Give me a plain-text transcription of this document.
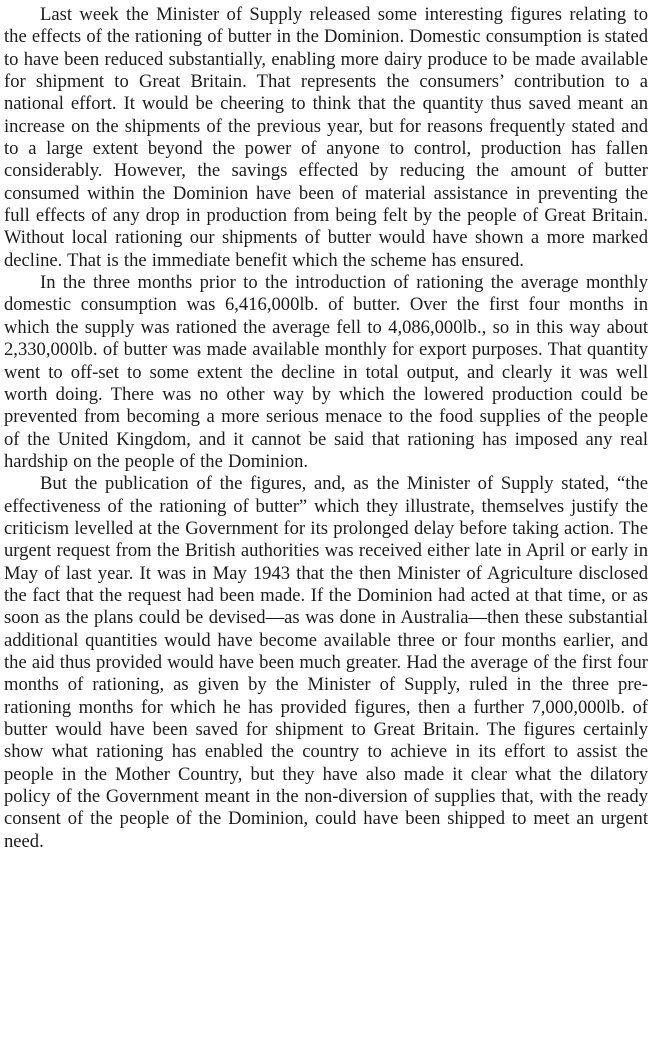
Last week the Minister of Supply released some interesting figures relating to the effects of the rationing of butter in the Dominion. Domestic consumption is stated to have been reduced substantially, enabling more dairy produce to be made available for shipment to Great Britain. That represents the consumers’ contribution to a national effort. It would be cheering to think that the quantity thus saved meant an increase on the shipments of the previous year, but for reasons frequently stated and to a large extent beyond the power of anyone to control, production has fallen considerably. However, the savings effected by reducing the amount of butter consumed within the Dominion have been of material assistance in preventing the full effects of any drop in production from being felt by the people of Great Britain. Without local rationing our shipments of butter would have shown a more marked decline. That is the immediate benefit which the scheme has ensured.

In the three months prior to the introduction of rationing the average monthly domestic consumption was 6,416,000lb. of butter. Over the first four months in which the supply was rationed the average fell to 4,086,000lb., so in this way about 2,330,000lb. of butter was made available monthly for export purposes. That quantity went to off-set to some extent the decline in total output, and clearly it was well worth doing. There was no other way by which the lowered production could be prevented from becoming a more serious menace to the food supplies of the people of the United Kingdom, and it cannot be said that rationing has imposed any real hardship on the people of the Dominion.

But the publication of the figures, and, as the Minister of Supply stated, “the effectiveness of the rationing of butter” which they illustrate, themselves justify the criticism levelled at the Government for its prolonged delay before taking action. The urgent request from the British authorities was received either late in April or early in May of last year. It was in May 1943 that the then Minister of Agriculture disclosed the fact that the request had been made. If the Dominion had acted at that time, or as soon as the plans could be devised—as was done in Australia—then these substantial additional quantities would have become available three or four months earlier, and the aid thus provided would have been much greater. Had the average of the first four months of rationing, as given by the Minister of Supply, ruled in the three pre-rationing months for which he has provided figures, then a further 7,000,000lb. of butter would have been saved for shipment to Great Britain. The figures certainly show what rationing has enabled the country to achieve in its effort to assist the people in the Mother Country, but they have also made it clear what the dilatory policy of the Government meant in the non-diversion of supplies that, with the ready consent of the people of the Dominion, could have been shipped to meet an urgent need.
